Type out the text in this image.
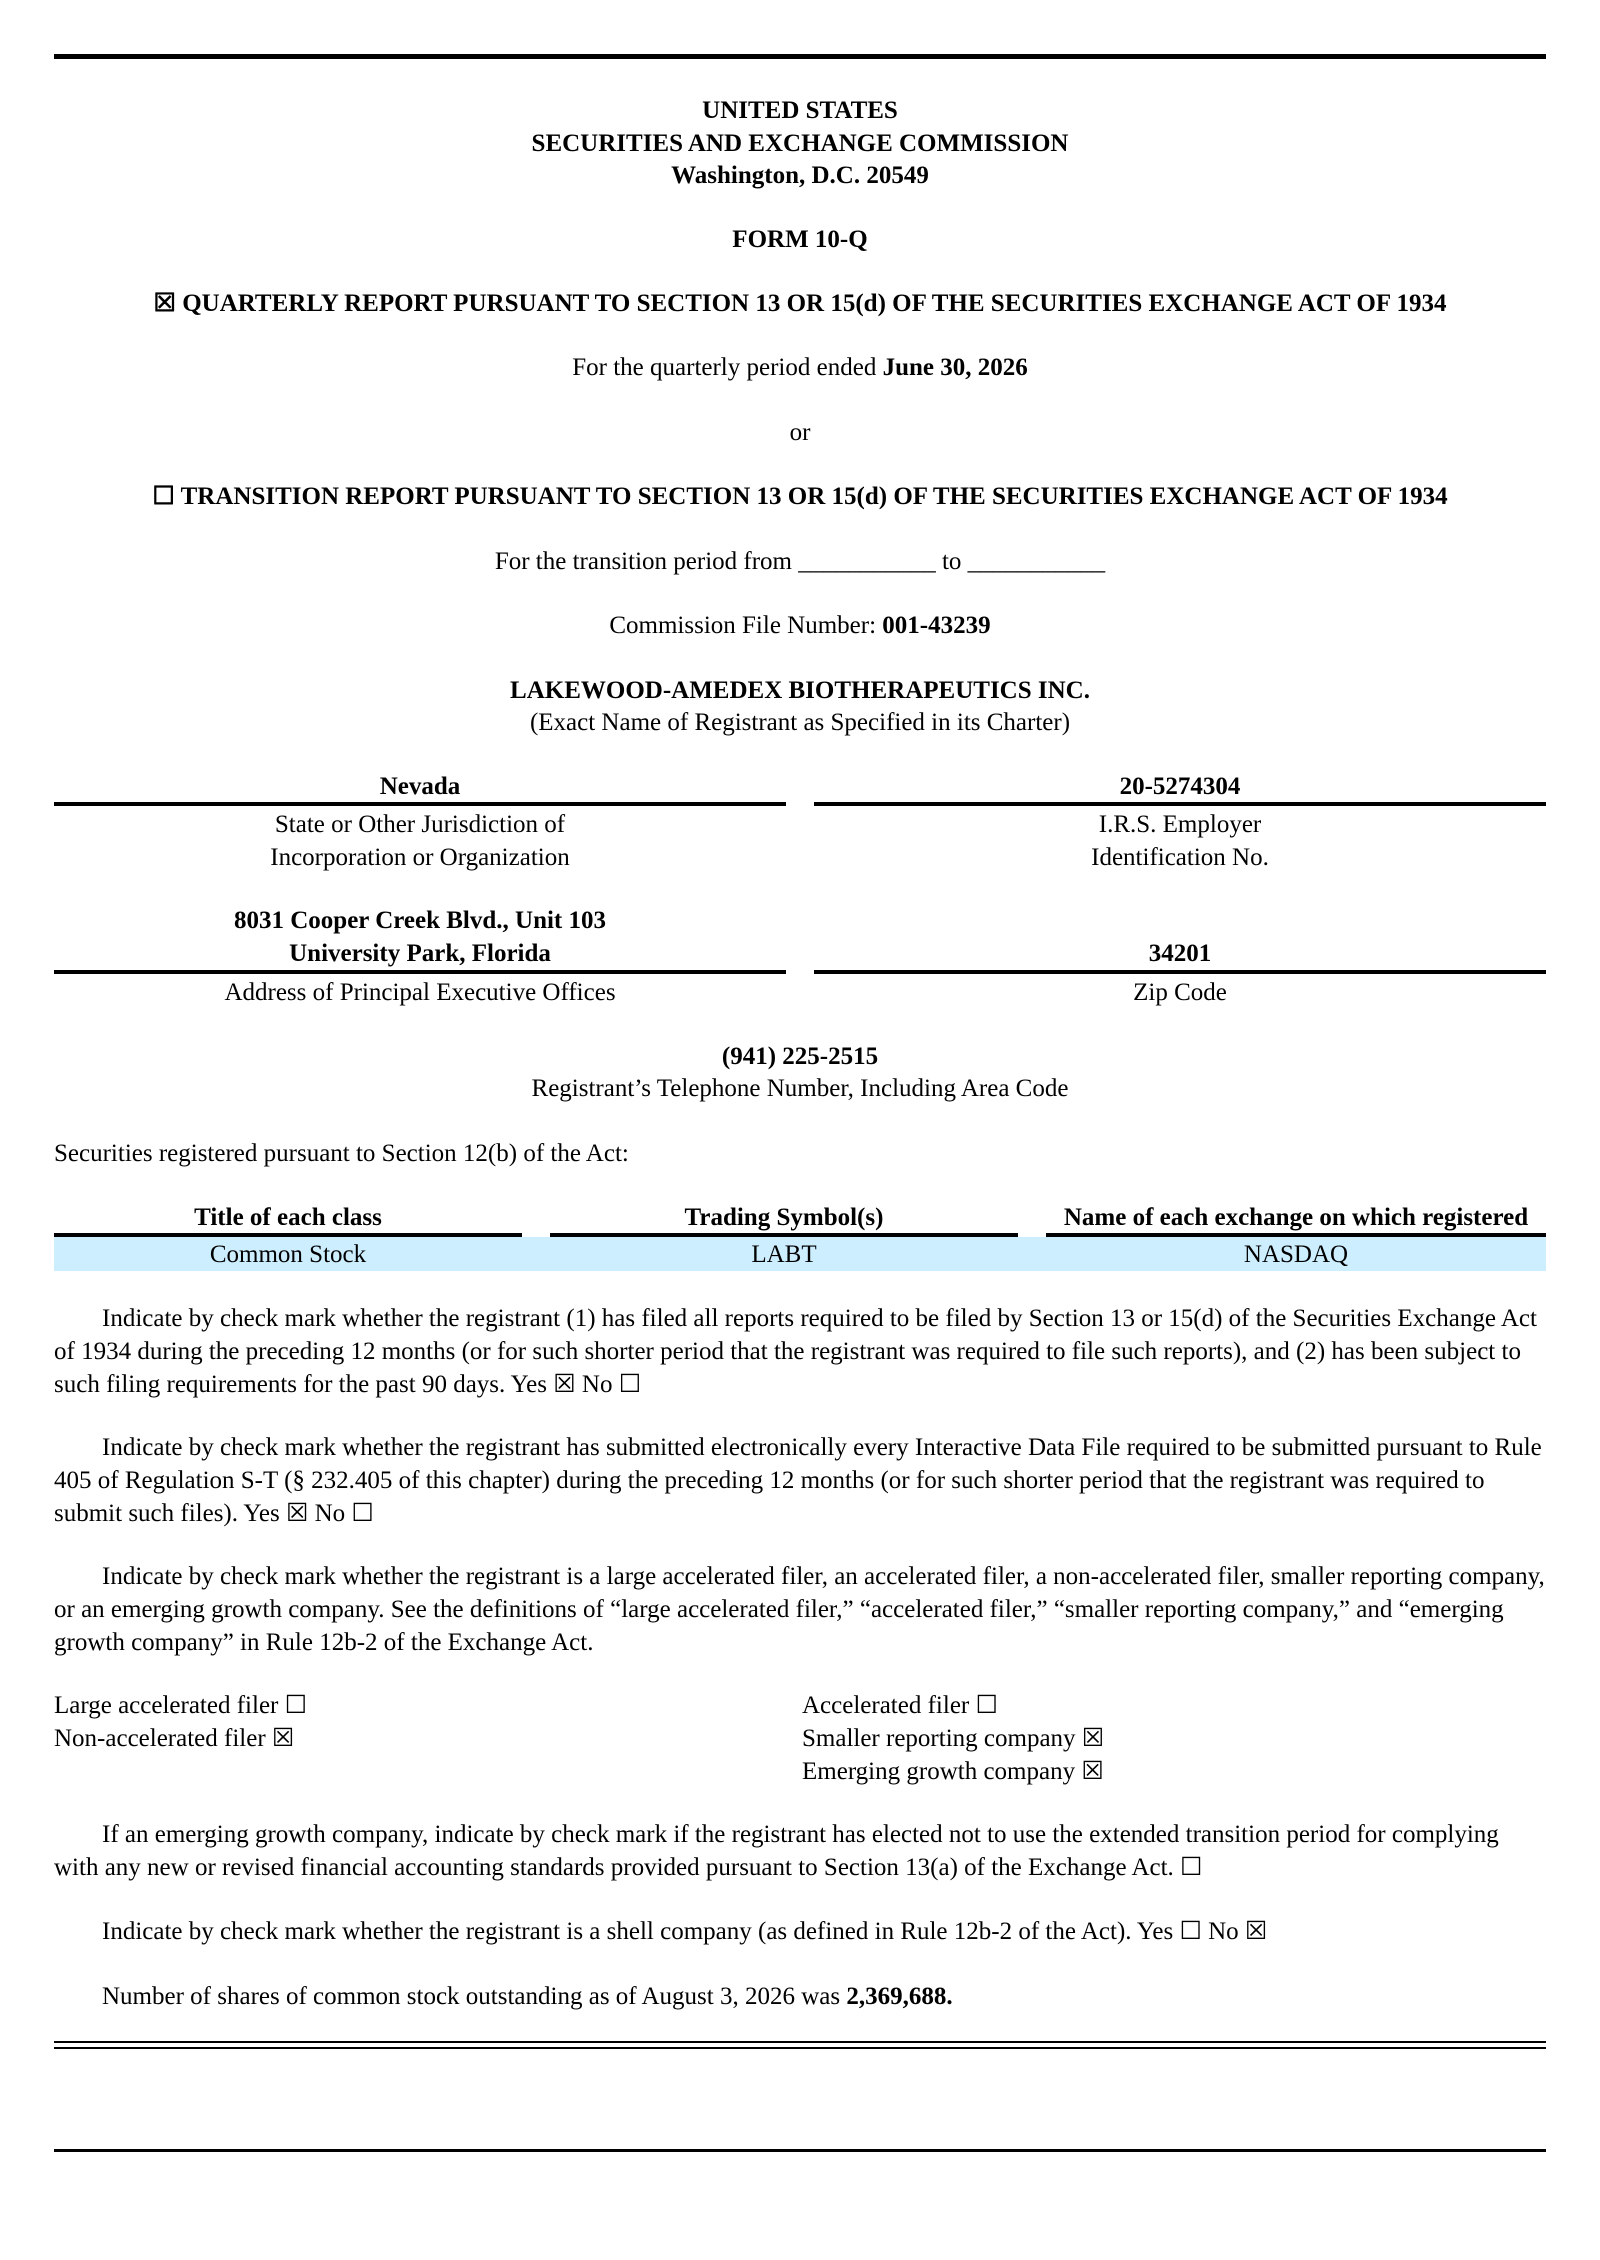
UNITED STATES
SECURITIES AND EXCHANGE COMMISSION
Washington, D.C. 20549
FORM 10-Q
☒ QUARTERLY REPORT PURSUANT TO SECTION 13 OR 15(d) OF THE SECURITIES EXCHANGE ACT OF 1934
For the quarterly period ended June 30, 2026
or
☐ TRANSITION REPORT PURSUANT TO SECTION 13 OR 15(d) OF THE SECURITIES EXCHANGE ACT OF 1934
For the transition period from ___________ to ___________
Commission File Number: 001-43239
LAKEWOOD-AMEDEX BIOTHERAPEUTICS INC.
(Exact Name of Registrant as Specified in its Charter)
Nevada
State or Other Jurisdiction of
Incorporation or Organization
20-5274304
I.R.S. Employer
Identification No.
8031 Cooper Creek Blvd., Unit 103
University Park, Florida
Address of Principal Executive Offices
34201
Zip Code
(941) 225-2515
Registrant’s Telephone Number, Including Area Code
Securities registered pursuant to Section 12(b) of the Act:
Title of each class	Trading Symbol(s)	Name of each exchange on which registered
Common Stock	LABT	NASDAQ
Indicate by check mark whether the registrant (1) has filed all reports required to be filed by Section 13 or 15(d) of the Securities Exchange Act of 1934 during the preceding 12 months (or for such shorter period that the registrant was required to file such reports), and (2) has been subject to such filing requirements for the past 90 days. Yes ☒ No ☐
Indicate by check mark whether the registrant has submitted electronically every Interactive Data File required to be submitted pursuant to Rule 405 of Regulation S-T (§ 232.405 of this chapter) during the preceding 12 months (or for such shorter period that the registrant was required to submit such files). Yes ☒ No ☐
Indicate by check mark whether the registrant is a large accelerated filer, an accelerated filer, a non-accelerated filer, smaller reporting company, or an emerging growth company. See the definitions of “large accelerated filer,” “accelerated filer,” “smaller reporting company,” and “emerging growth company” in Rule 12b-2 of the Exchange Act.
Large accelerated filer ☐
Non-accelerated filer ☒
Accelerated filer ☐
Smaller reporting company ☒
Emerging growth company ☒
If an emerging growth company, indicate by check mark if the registrant has elected not to use the extended transition period for complying with any new or revised financial accounting standards provided pursuant to Section 13(a) of the Exchange Act. ☐
Indicate by check mark whether the registrant is a shell company (as defined in Rule 12b-2 of the Act). Yes ☐ No ☒
Number of shares of common stock outstanding as of August 3, 2026 was 2,369,688.
